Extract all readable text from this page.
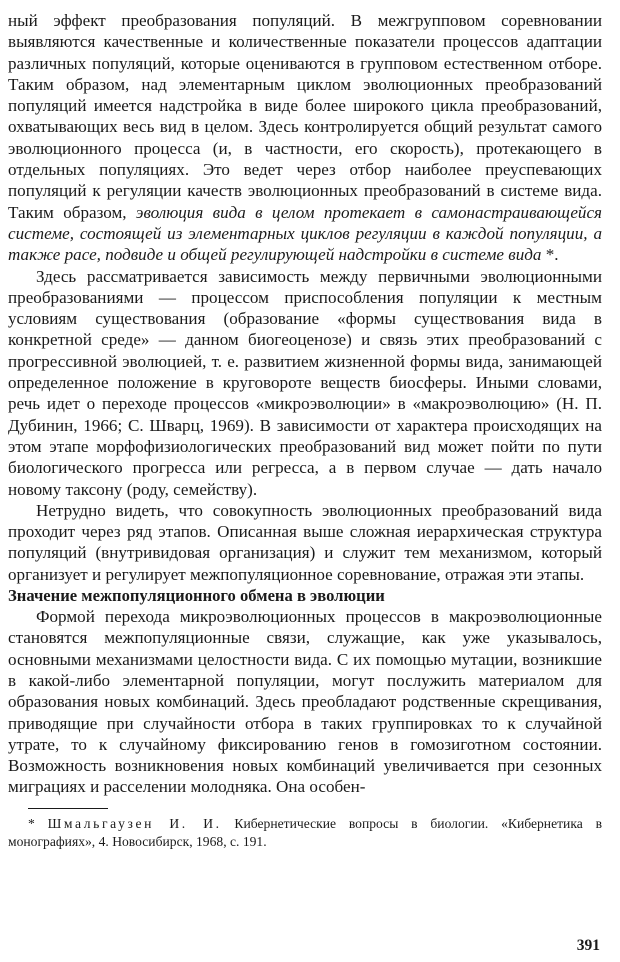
ный эффект преобразования популяций. В межгрупповом соревновании выявляются качественные и количественные показатели процессов адаптации различных популяций, которые оцениваются в групповом естественном отборе. Таким образом, над элементарным циклом эволюционных преобразований популяций имеется надстройка в виде более широкого цикла преобразований, охватывающих весь вид в целом. Здесь контролируется общий результат самого эволюционного процесса (и, в частности, его скорость), протекающего в отдельных популяциях. Это ведет через отбор наиболее преуспевающих популяций к регуляции качеств эволюционных преобразований в системе вида. Таким образом, эволюция вида в целом протекает в самонастраивающейся системе, состоящей из элементарных циклов регуляции в каждой популяции, а также расе, подвиде и общей регулирующей надстройки в системе вида *.

Здесь рассматривается зависимость между первичными эволюционными преобразованиями — процессом приспособления популяции к местным условиям существования (образование «формы существования вида в конкретной среде» — данном биогеоценозе) и связь этих преобразований с прогрессивной эволюцией, т. е. развитием жизненной формы вида, занимающей определенное положение в круговороте веществ биосферы. Иными словами, речь идет о переходе процессов «микроэволюции» в «макроэволюцию» (Н. П. Дубинин, 1966; С. Шварц, 1969). В зависимости от характера происходящих на этом этапе морфофизиологических преобразований вид может пойти по пути биологического прогресса или регресса, а в первом случае — дать начало новому таксону (роду, семейству).

Нетрудно видеть, что совокупность эволюционных преобразований вида проходит через ряд этапов. Описанная выше сложная иерархическая структура популяций (внутривидовая организация) и служит тем механизмом, который организует и регулирует межпопуляционное соревнование, отражая эти этапы.

Значение межпопуляционного обмена в эволюции

Формой перехода микроэволюционных процессов в макроэволюционные становятся межпопуляционные связи, служащие, как уже указывалось, основными механизмами целостности вида. С их помощью мутации, возникшие в какой-либо элементарной популяции, могут послужить материалом для образования новых комбинаций. Здесь преобладают родственные скрещивания, приводящие при случайности отбора в таких группировках то к случайной утрате, то к случайному фиксированию генов в гомозиготном состоянии. Возможность возникновения новых комбинаций увеличивается при сезонных миграциях и расселении молодняка. Она особен-

* Шмальгаузен И. И. Кибернетические вопросы в биологии. «Кибернетика в монографиях», 4. Новосибирск, 1968, с. 191.

391
